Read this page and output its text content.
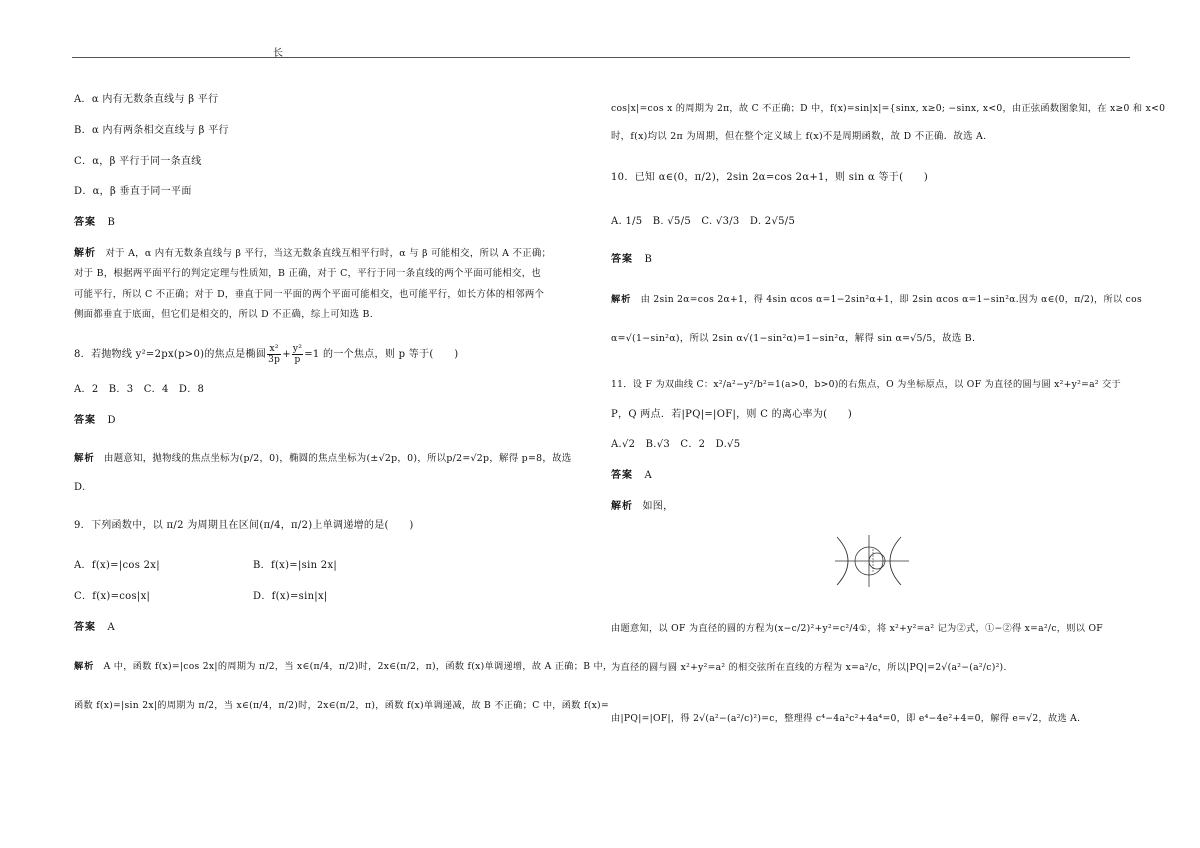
长
A．α 内有无数条直线与 β 平行
B．α 内有两条相交直线与 β 平行
C．α，β 平行于同一条直线
D．α，β 垂直于同一平面
答案 B
解析 对于 A，α 内有无数条直线与 β 平行，当这无数条直线互相平行时，α 与 β 可能相交，所以 A 不正确；
对于 B，根据两平面平行的判定定理与性质知，B 正确，对于 C，平行于同一条直线的两个平面可能相交，也
可能平行，所以 C 不正确；对于 D，垂直于同一平面的两个平面可能相交，也可能平行，如长方体的相邻两个
侧面都垂直于底面，但它们是相交的，所以 D 不正确，综上可知选 B.
8．若抛物线 y²=2px(p>0)的焦点是椭圆 $\frac{\text{x²}}{3p} + \frac{\text{y²}}{p} =1$ 的一个焦点，则 p 等于(　　)
A．2　B．3　C．4　D．8
答案 D
解析 由题意知，抛物线的焦点坐标为(p/2，0)，椭圆的焦点坐标为(±√2p，0)，所以p/2=√2p，解得 p=8，故选
D.
9．下列函数中，以 π/2 为周期且在区间(π/4，π/2)上单调递增的是(　　)
A．f(x)=|cos 2x|	B．f(x)=|sin 2x|
C．f(x)=cos|x|	D．f(x)=sin|x|
答案 A
解析 A 中，函数 f(x)=|cos 2x|的周期为 π/2，当 x∈(π/4，π/2)时，2x∈(π/2，π)，函数 f(x)单调递增，故 A 正确；B 中，
函数 f(x)=|sin 2x|的周期为 π/2，当 x∈(π/4，π/2)时，2x∈(π/2，π)，函数 f(x)单调递减，故 B 不正确；C 中，函数 f(x)=
cos|x|=cos x 的周期为 2π，故 C 不正确；D 中，f(x)=sin|x|={sinx, x≥0; −sinx, x<0，由正弦函数图象知，在 x≥0 和 x<0
时，f(x)均以 2π 为周期，但在整个定义域上 f(x)不是周期函数，故 D 不正确．故选 A.
10．已知 α∈(0，π/2)，2sin 2α=cos 2α+1，则 sin α 等于(　　)
A. 1/5　B. √5/5　C. √3/3　D. 2√5/5
答案 B
解析 由 2sin 2α=cos 2α+1，得 4sin αcos α=1−2sin²α+1，即 2sin αcos α=1−sin²α.因为 α∈(0，π/2)，所以 cos
α=√(1−sin²α)，所以 2sin α√(1−sin²α)=1−sin²α，解得 sin α=√5/5，故选 B.
11．设 F 为双曲线 C：x²/a²−y²/b²=1(a>0，b>0)的右焦点，O 为坐标原点，以 OF 为直径的圆与圆 x²+y²=a² 交于
P，Q 两点．若|PQ|=|OF|，则 C 的离心率为(　　)
A.√2　B.√3　C．2　D.√5
答案 A
解析 如图，
由题意知，以 OF 为直径的圆的方程为(x−c/2)²+y²=c²/4①，将 x²+y²=a² 记为②式，①−②得 x=a²/c，则以 OF
为直径的圆与圆 x²+y²=a² 的相交弦所在直线的方程为 x=a²/c，所以|PQ|=2√(a²−(a²/c)²).
由|PQ|=|OF|，得 2√(a²−(a²/c)²)=c，整理得 c⁴−4a²c²+4a⁴=0，即 e⁴−4e²+4=0，解得 e=√2，故选 A.
